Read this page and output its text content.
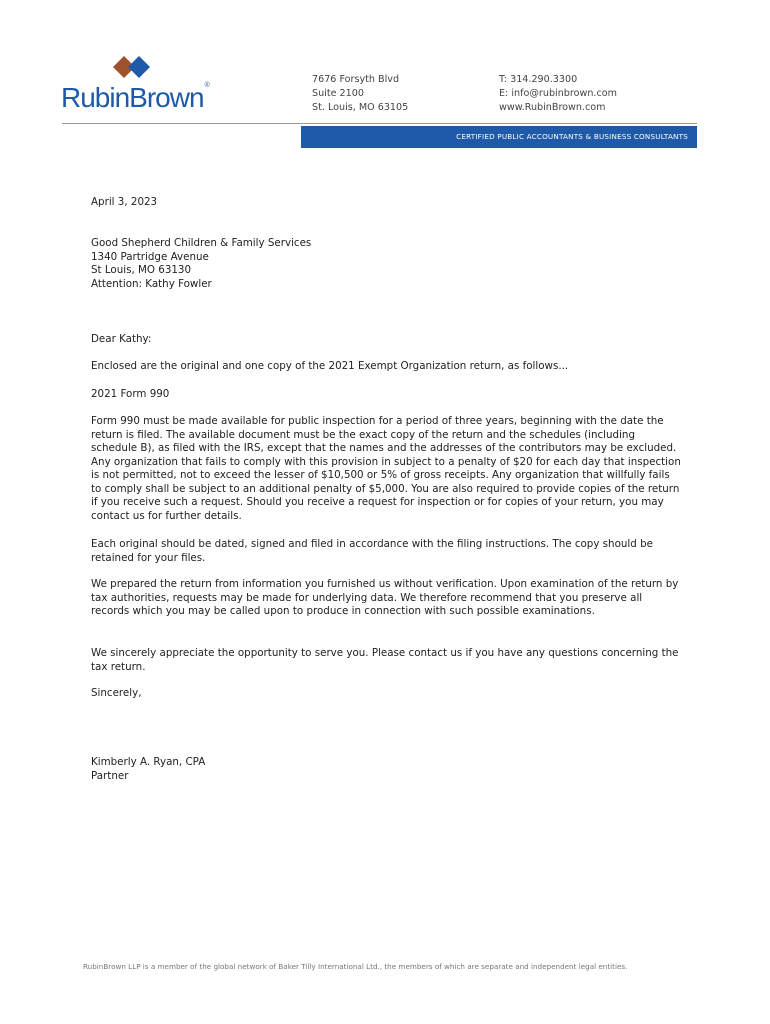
RubinBrown®
7676 Forsyth Blvd
Suite 2100
St. Louis, MO 63105
T: 314.290.3300
E: info@rubinbrown.com
www.RubinBrown.com
CERTIFIED PUBLIC ACCOUNTANTS & BUSINESS CONSULTANTS
April 3, 2023
Good Shepherd Children & Family Services
1340 Partridge Avenue
St Louis, MO 63130
Attention: Kathy Fowler
Dear Kathy:
Enclosed are the original and one copy of the 2021 Exempt Organization return, as follows...
2021 Form 990
Form 990 must be made available for public inspection for a period of three years, beginning with the date the return is filed. The available document must be the exact copy of the return and the schedules (including schedule B), as filed with the IRS, except that the names and the addresses of the contributors may be excluded. Any organization that fails to comply with this provision in subject to a penalty of $20 for each day that inspection is not permitted, not to exceed the lesser of $10,500 or 5% of gross receipts. Any organization that willfully fails to comply shall be subject to an additional penalty of $5,000. You are also required to provide copies of the return if you receive such a request. Should you receive a request for inspection or for copies of your return, you may contact us for further details.
Each original should be dated, signed and filed in accordance with the filing instructions. The copy should be retained for your files.
We prepared the return from information you furnished us without verification. Upon examination of the return by tax authorities, requests may be made for underlying data. We therefore recommend that you preserve all records which you may be called upon to produce in connection with such possible examinations.
We sincerely appreciate the opportunity to serve you. Please contact us if you have any questions concerning the tax return.
Sincerely,
Kimberly A. Ryan, CPA
Partner
RubinBrown LLP is a member of the global network of Baker Tilly International Ltd., the members of which are separate and independent legal entities.
